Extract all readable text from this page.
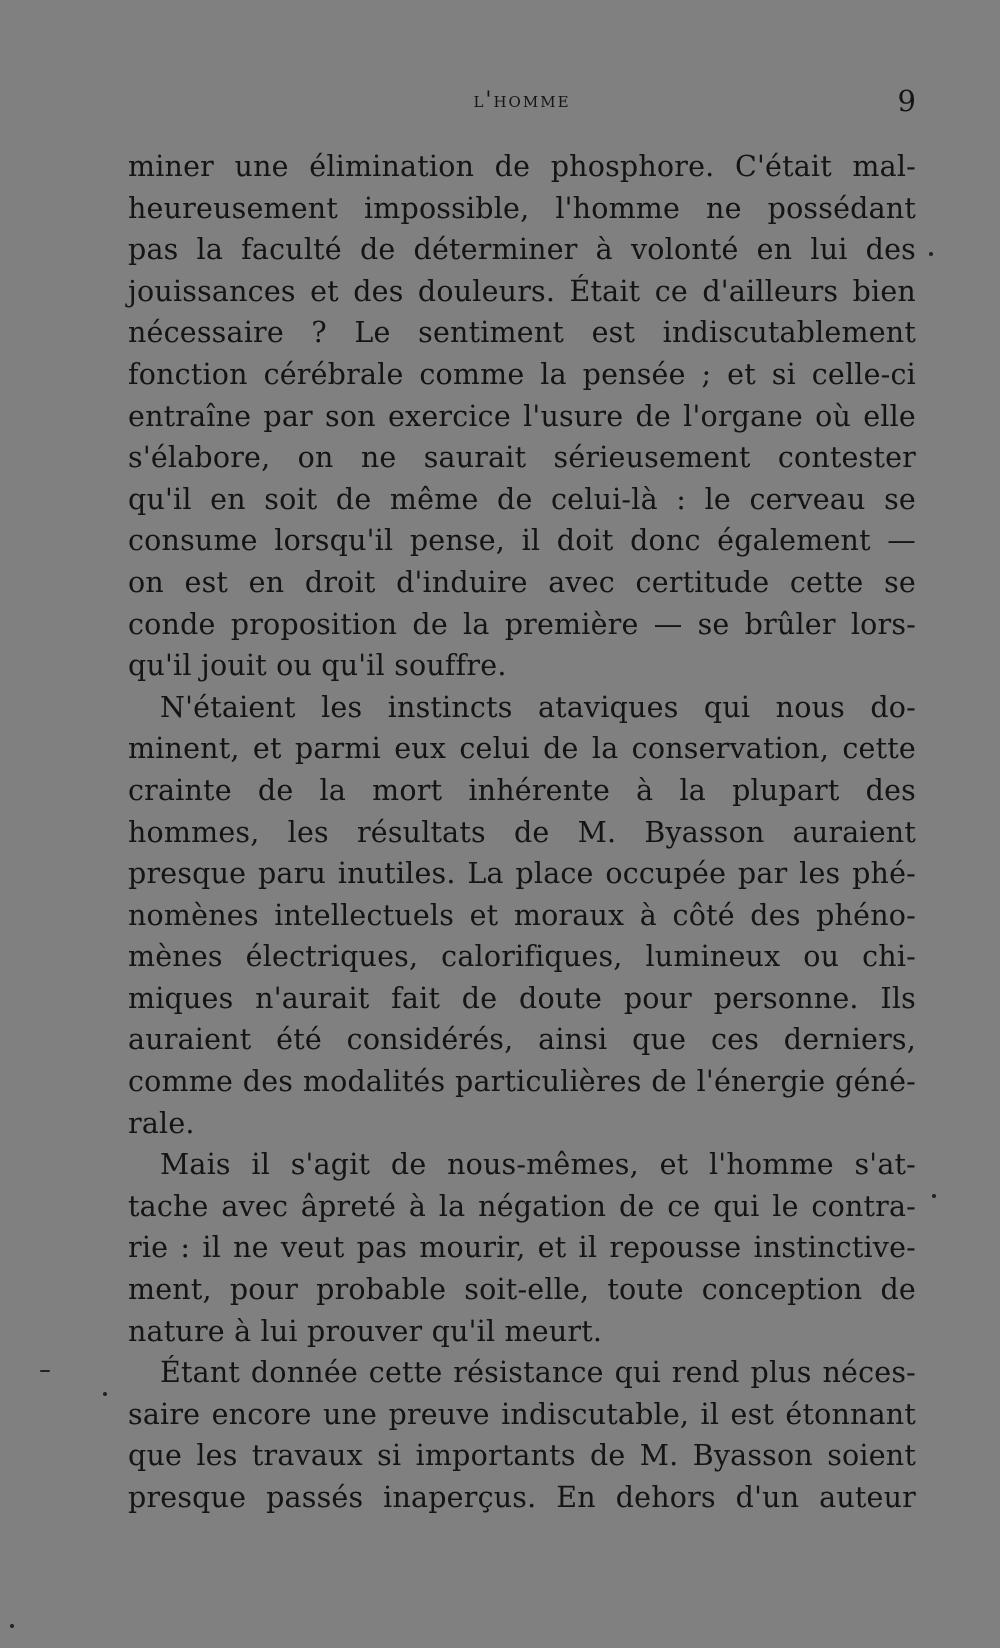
l'homme	9
miner une élimination de phosphore. C'était mal-
heureusement impossible, l'homme ne possédant
pas la faculté de déterminer à volonté en lui des
jouissances et des douleurs. Était ce d'ailleurs bien
nécessaire ? Le sentiment est indiscutablement
fonction cérébrale comme la pensée ; et si celle-ci
entraîne par son exercice l'usure de l'organe où elle
s'élabore, on ne saurait sérieusement contester
qu'il en soit de même de celui-là : le cerveau se
consume lorsqu'il pense, il doit donc également —
on est en droit d'induire avec certitude cette se
conde proposition de la première — se brûler lors-
qu'il jouit ou qu'il souffre.
N'étaient les instincts ataviques qui nous do-
minent, et parmi eux celui de la conservation, cette
crainte de la mort inhérente à la plupart des
hommes, les résultats de M. Byasson auraient
presque paru inutiles. La place occupée par les phé-
nomènes intellectuels et moraux à côté des phéno-
mènes électriques, calorifiques, lumineux ou chi-
miques n'aurait fait de doute pour personne. Ils
auraient été considérés, ainsi que ces derniers,
comme des modalités particulières de l'énergie géné-
rale.
Mais il s'agit de nous-mêmes, et l'homme s'at-
tache avec âpreté à la négation de ce qui le contra-
rie : il ne veut pas mourir, et il repousse instinctive-
ment, pour probable soit-elle, toute conception de
nature à lui prouver qu'il meurt.
Étant donnée cette résistance qui rend plus néces-
saire encore une preuve indiscutable, il est étonnant
que les travaux si importants de M. Byasson soient
presque passés inaperçus. En dehors d'un auteur
